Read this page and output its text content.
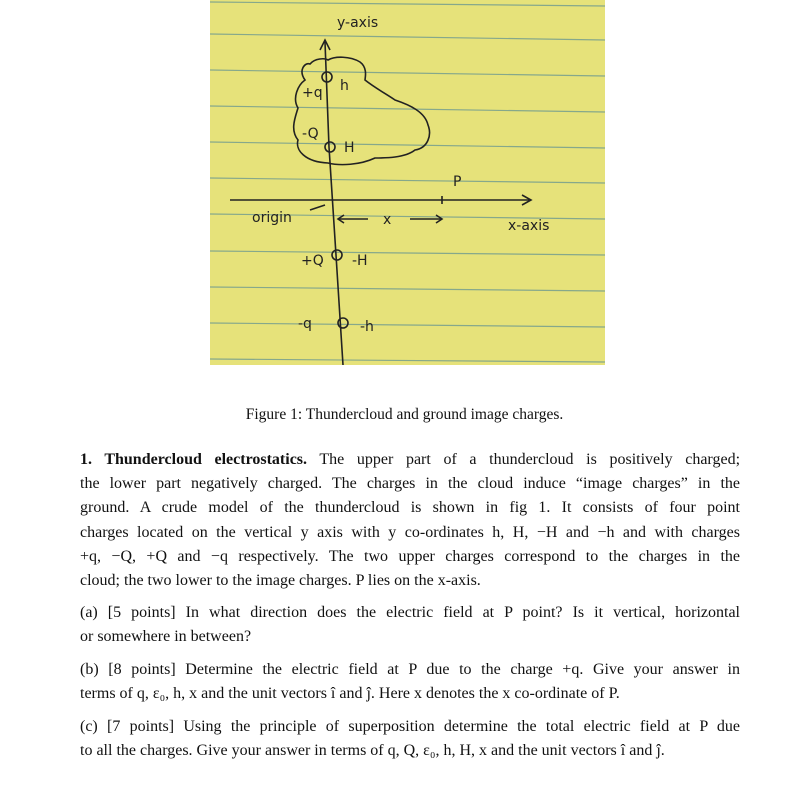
y-axis
x-axis
origin
P
x
+q h
-Q
H
+Q -H
-q	-h
Figure 1: Thundercloud and ground image charges.
1. Thundercloud electrostatics. The upper part of a thundercloud is positively charged;
the lower part negatively charged. The charges in the cloud induce “image charges” in the
ground. A crude model of the thundercloud is shown in fig 1. It consists of four point
charges located on the vertical y axis with y co-ordinates h, H, −H and −h and with charges
+q, −Q, +Q and −q respectively. The two upper charges correspond to the charges in the
cloud; the two lower to the image charges. P lies on the x-axis.
(a) [5 points] In what direction does the electric field at P point? Is it vertical, horizontal
or somewhere in between?
(b) [8 points] Determine the electric field at P due to the charge +q. Give your answer in
terms of q, ε₀, h, x and the unit vectors î and ĵ. Here x denotes the x co-ordinate of P.
(c) [7 points] Using the principle of superposition determine the total electric field at P due
to all the charges. Give your answer in terms of q, Q, ε₀, h, H, x and the unit vectors î and ĵ.
